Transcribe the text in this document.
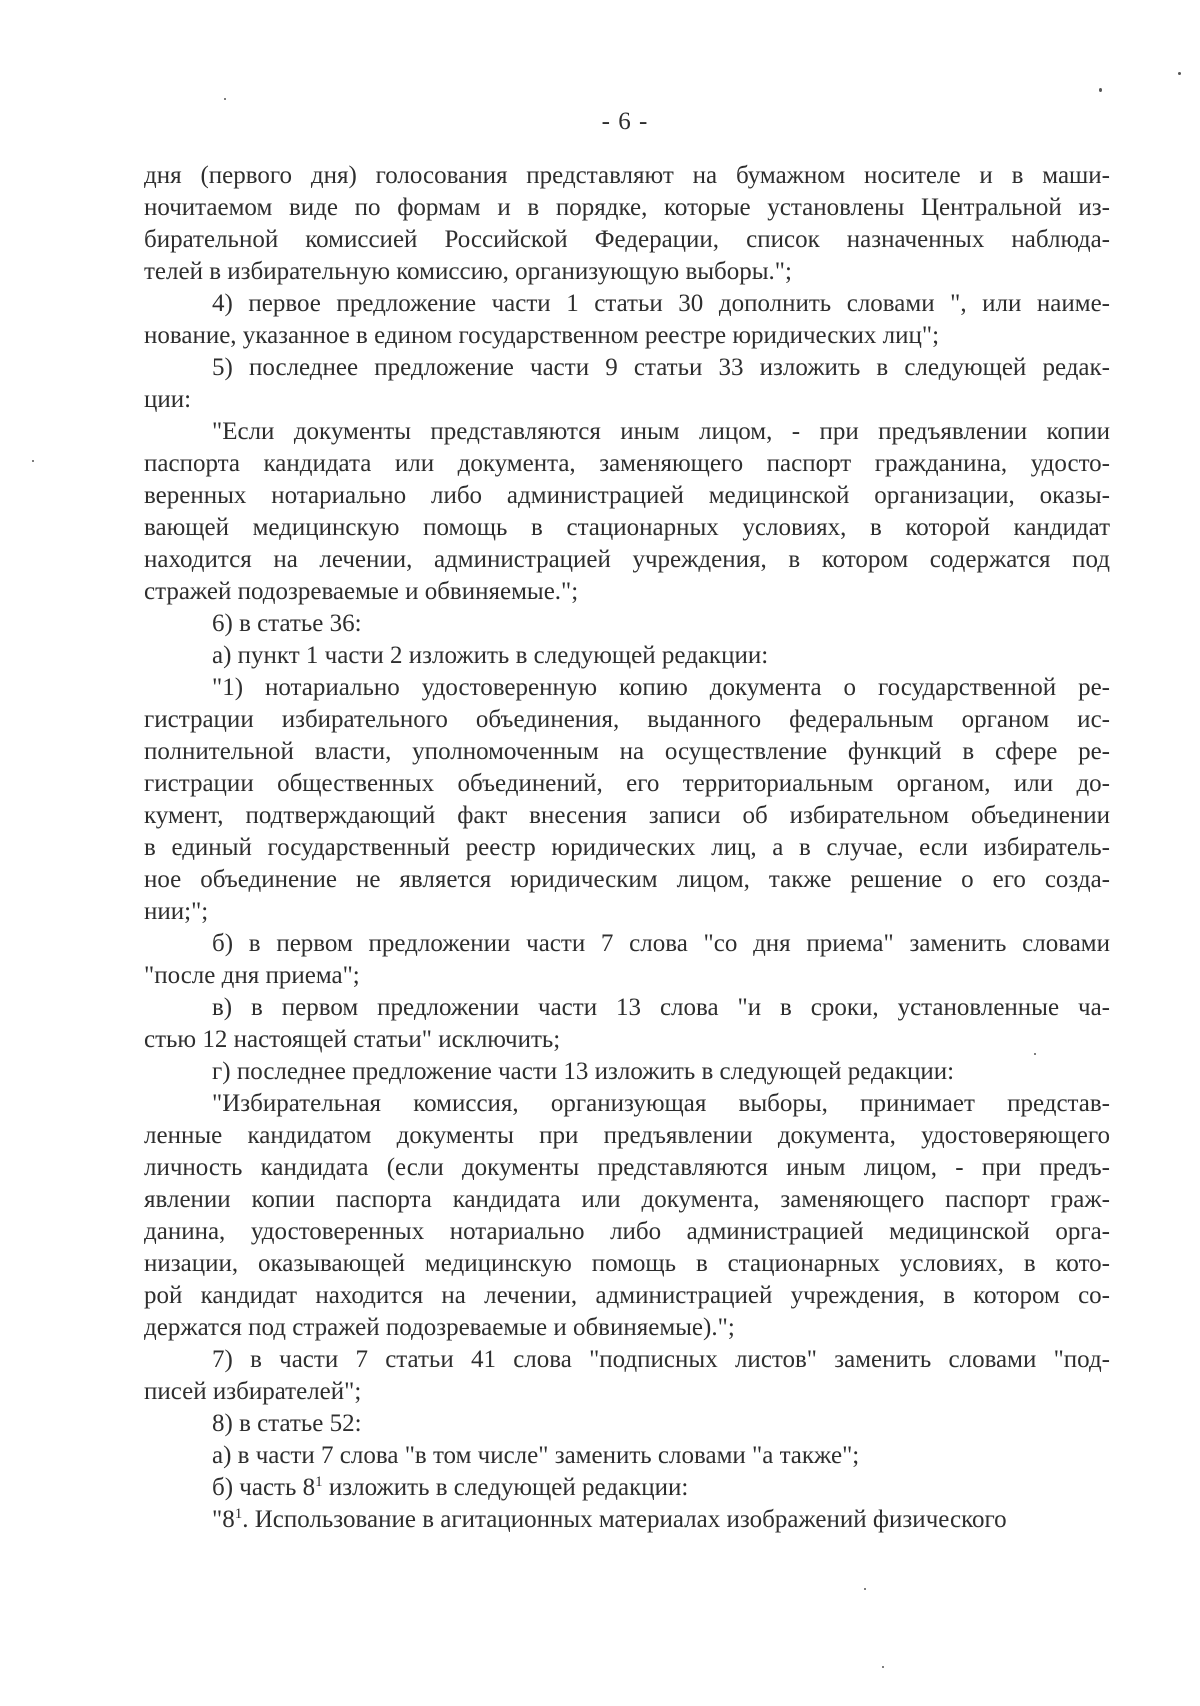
- 6 -
дня (первого дня) голосования представляют на бумажном носителе и в маши-
ночитаемом виде по формам и в порядке, которые установлены Центральной из-
бирательной комиссией Российской Федерации, список назначенных наблюда-
телей в избирательную комиссию, организующую выборы.";
4) первое предложение части 1 статьи 30 дополнить словами ", или наиме-
нование, указанное в едином государственном реестре юридических лиц";
5) последнее предложение части 9 статьи 33 изложить в следующей редак-
ции:
"Если документы представляются иным лицом, - при предъявлении копии
паспорта кандидата или документа, заменяющего паспорт гражданина, удосто-
веренных нотариально либо администрацией медицинской организации, оказы-
вающей медицинскую помощь в стационарных условиях, в которой кандидат
находится на лечении, администрацией учреждения, в котором содержатся под
стражей подозреваемые и обвиняемые.";
6) в статье 36:
а) пункт 1 части 2 изложить в следующей редакции:
"1) нотариально удостоверенную копию документа о государственной ре-
гистрации избирательного объединения, выданного федеральным органом ис-
полнительной власти, уполномоченным на осуществление функций в сфере ре-
гистрации общественных объединений, его территориальным органом, или до-
кумент, подтверждающий факт внесения записи об избирательном объединении
в единый государственный реестр юридических лиц, а в случае, если избиратель-
ное объединение не является юридическим лицом, также решение о его созда-
нии;";
б) в первом предложении части 7 слова "со дня приема" заменить словами
"после дня приема";
в) в первом предложении части 13 слова "и в сроки, установленные ча-
стью 12 настоящей статьи" исключить;
г) последнее предложение части 13 изложить в следующей редакции:
"Избирательная комиссия, организующая выборы, принимает представ-
ленные кандидатом документы при предъявлении документа, удостоверяющего
личность кандидата (если документы представляются иным лицом, - при предъ-
явлении копии паспорта кандидата или документа, заменяющего паспорт граж-
данина, удостоверенных нотариально либо администрацией медицинской орга-
низации, оказывающей медицинскую помощь в стационарных условиях, в кото-
рой кандидат находится на лечении, администрацией учреждения, в котором со-
держатся под стражей подозреваемые и обвиняемые).";
7) в части 7 статьи 41 слова "подписных листов" заменить словами "под-
писей избирателей";
8) в статье 52:
а) в части 7 слова "в том числе" заменить словами "а также";
б) часть $8^1$ изложить в следующей редакции:
"$8^1$. Использование в агитационных материалах изображений физического
